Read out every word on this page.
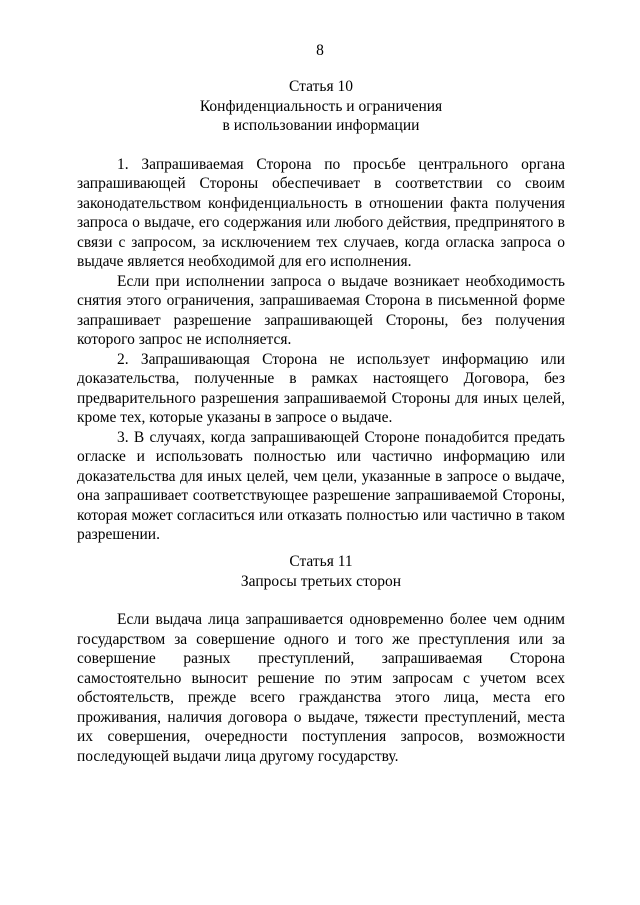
8
Статья 10
Конфиденциальность и ограничения
в использовании информации

1. Запрашиваемая Сторона по просьбе центрального органа запрашивающей Стороны обеспечивает в соответствии со своим законодательством конфиденциальность в отношении факта получения запроса о выдаче, его содержания или любого действия, предпринятого в связи с запросом, за исключением тех случаев, когда огласка запроса о выдаче является необходимой для его исполнения.

Если при исполнении запроса о выдаче возникает необходимость снятия этого ограничения, запрашиваемая Сторона в письменной форме запрашивает разрешение запрашивающей Стороны, без получения которого запрос не исполняется.

2. Запрашивающая Сторона не использует информацию или доказательства, полученные в рамках настоящего Договора, без предварительного разрешения запрашиваемой Стороны для иных целей, кроме тех, которые указаны в запросе о выдаче.

3. В случаях, когда запрашивающей Стороне понадобится предать огласке и использовать полностью или частично информацию или доказательства для иных целей, чем цели, указанные в запросе о выдаче, она запрашивает соответствующее разрешение запрашиваемой Стороны, которая может согласиться или отказать полностью или частично в таком разрешении.

Статья 11
Запросы третьих сторон

Если выдача лица запрашивается одновременно более чем одним государством за совершение одного и того же преступления или за совершение разных преступлений, запрашиваемая Сторона самостоятельно выносит решение по этим запросам с учетом всех обстоятельств, прежде всего гражданства этого лица, места его проживания, наличия договора о выдаче, тяжести преступлений, места их совершения, очередности поступления запросов, возможности последующей выдачи лица другому государству.
